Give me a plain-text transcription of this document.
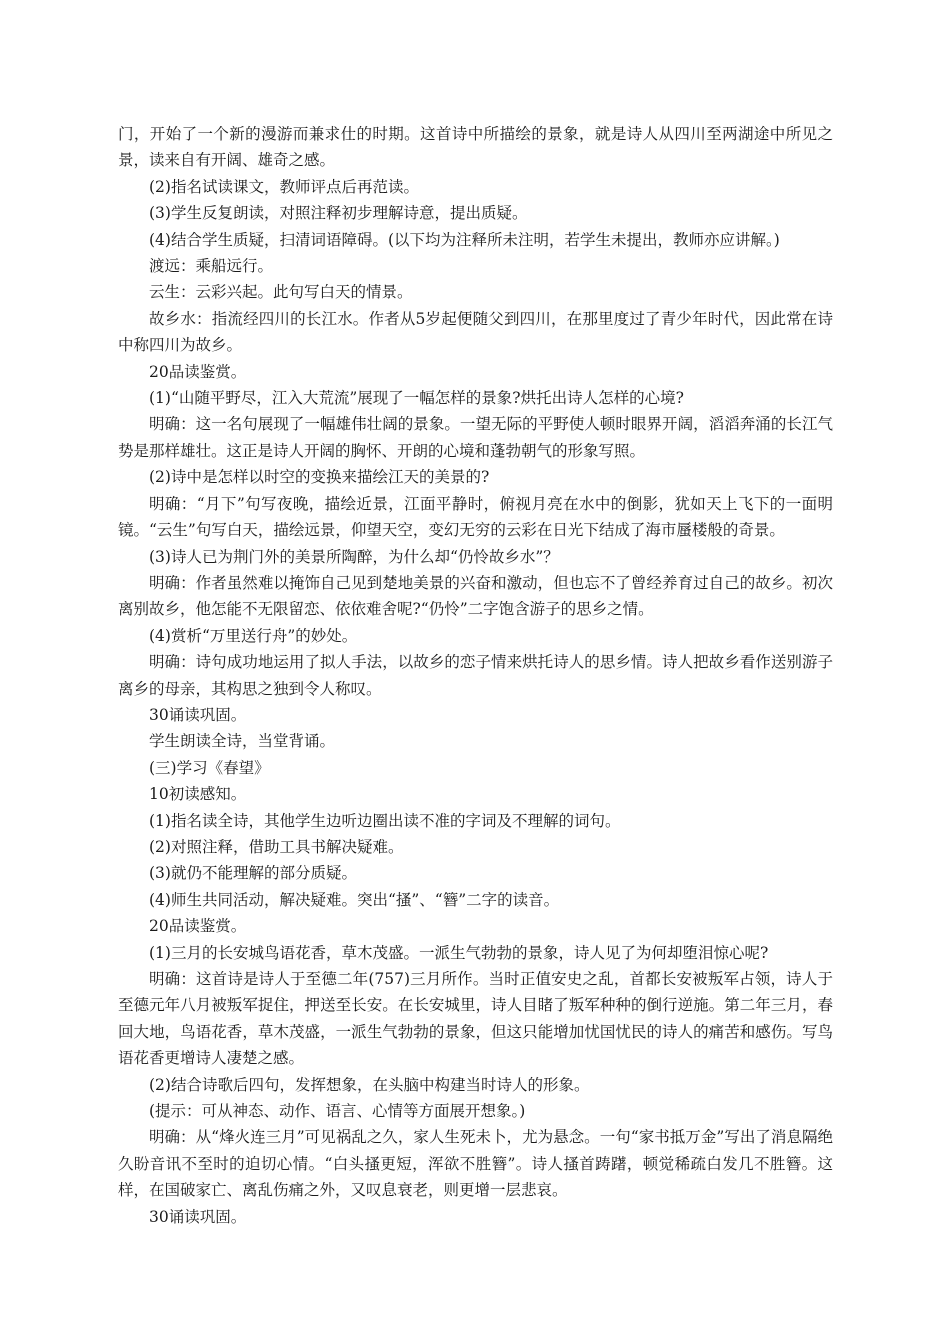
门，开始了一个新的漫游而兼求仕的时期。这首诗中所描绘的景象，就是诗人从四川至两湖途中所见之景，读来自有开阔、雄奇之感。

(2)指名试读课文，教师评点后再范读。

(3)学生反复朗读，对照注释初步理解诗意，提出质疑。

(4)结合学生质疑，扫清词语障碍。(以下均为注释所未注明，若学生未提出，教师亦应讲解。)

渡远：乘船远行。

云生：云彩兴起。此句写白天的情景。

故乡水：指流经四川的长江水。作者从5岁起便随父到四川，在那里度过了青少年时代，因此常在诗中称四川为故乡。

20品读鉴赏。

(1)“山随平野尽，江入大荒流”展现了一幅怎样的景象?烘托出诗人怎样的心境?

明确：这一名句展现了一幅雄伟壮阔的景象。一望无际的平野使人顿时眼界开阔，滔滔奔涌的长江气势是那样雄壮。这正是诗人开阔的胸怀、开朗的心境和蓬勃朝气的形象写照。

(2)诗中是怎样以时空的变换来描绘江天的美景的?

明确：“月下”句写夜晚，描绘近景，江面平静时，俯视月亮在水中的倒影，犹如天上飞下的一面明镜。“云生”句写白天，描绘远景，仰望天空，变幻无穷的云彩在日光下结成了海市蜃楼般的奇景。

(3)诗人已为荆门外的美景所陶醉，为什么却“仍怜故乡水”？

明确：作者虽然难以掩饰自己见到楚地美景的兴奋和激动，但也忘不了曾经养育过自己的故乡。初次离别故乡，他怎能不无限留恋、依依难舍呢?“仍怜”二字饱含游子的思乡之情。

(4)赏析“万里送行舟”的妙处。

明确：诗句成功地运用了拟人手法，以故乡的恋子情来烘托诗人的思乡情。诗人把故乡看作送别游子离乡的母亲，其构思之独到令人称叹。

30诵读巩固。

学生朗读全诗，当堂背诵。

(三)学习《春望》

10初读感知。

(1)指名读全诗，其他学生边听边圈出读不准的字词及不理解的词句。

(2)对照注释，借助工具书解决疑难。

(3)就仍不能理解的部分质疑。

(4)师生共同活动，解决疑难。突出“搔”、“簪”二字的读音。

20品读鉴赏。

(1)三月的长安城鸟语花香，草木茂盛。一派生气勃勃的景象，诗人见了为何却堕泪惊心呢?

明确：这首诗是诗人于至德二年(757)三月所作。当时正值安史之乱，首都长安被叛军占领，诗人于至德元年八月被叛军捉住，押送至长安。在长安城里，诗人目睹了叛军种种的倒行逆施。第二年三月，春回大地，鸟语花香，草木茂盛，一派生气勃勃的景象，但这只能增加忧国忧民的诗人的痛苦和感伤。写鸟语花香更增诗人凄楚之感。

(2)结合诗歌后四句，发挥想象，在头脑中构建当时诗人的形象。

(提示：可从神态、动作、语言、心情等方面展开想象。)

明确：从“烽火连三月”可见祸乱之久，家人生死未卜，尤为悬念。一句“家书抵万金”写出了消息隔绝久盼音讯不至时的迫切心情。“白头搔更短，浑欲不胜簪”。诗人搔首踌躇，顿觉稀疏白发几不胜簪。这样，在国破家亡、离乱伤痛之外，又叹息衰老，则更增一层悲哀。

30诵读巩固。
